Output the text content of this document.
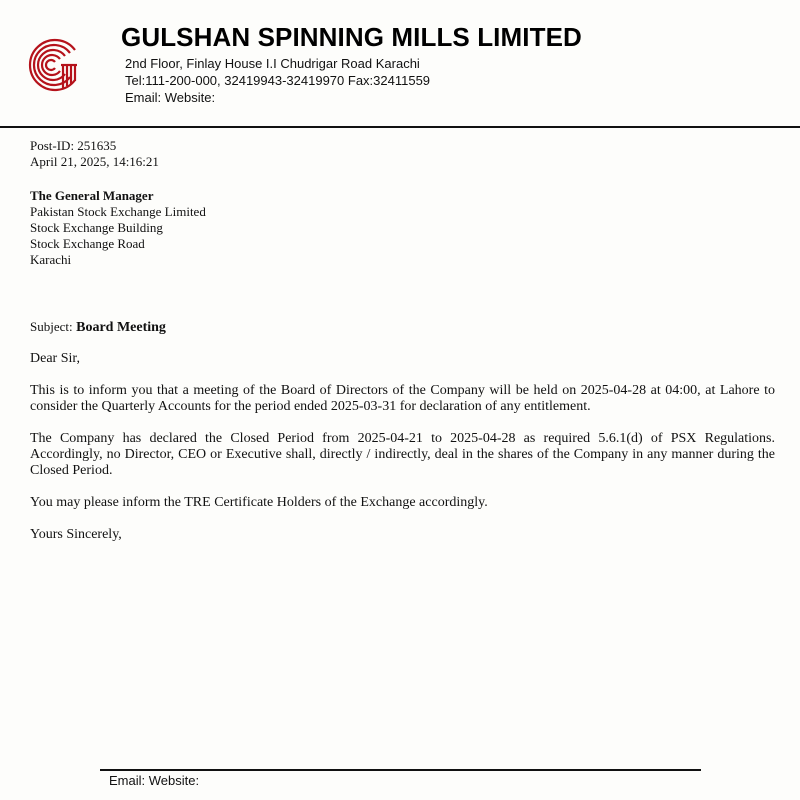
GULSHAN SPINNING MILLS LIMITED
2nd Floor, Finlay House I.I Chudrigar Road Karachi
Tel:111-200-000, 32419943-32419970 Fax:32411559
Email: Website:
Post-ID: 251635
April 21, 2025, 14:16:21
The General Manager
Pakistan Stock Exchange Limited
Stock Exchange Building
Stock Exchange Road
Karachi
Subject: Board Meeting
Dear Sir,

This is to inform you that a meeting of the Board of Directors of the Company will be held on 2025-04-28 at 04:00, at Lahore to consider the Quarterly Accounts for the period ended 2025-03-31 for declaration of any entitlement.

The Company has declared the Closed Period from 2025-04-21 to 2025-04-28 as required 5.6.1(d) of PSX Regulations. Accordingly, no Director, CEO or Executive shall, directly / indirectly, deal in the shares of the Company in any manner during the Closed Period.

You may please inform the TRE Certificate Holders of the Exchange accordingly.

Yours Sincerely,
Email: Website:
